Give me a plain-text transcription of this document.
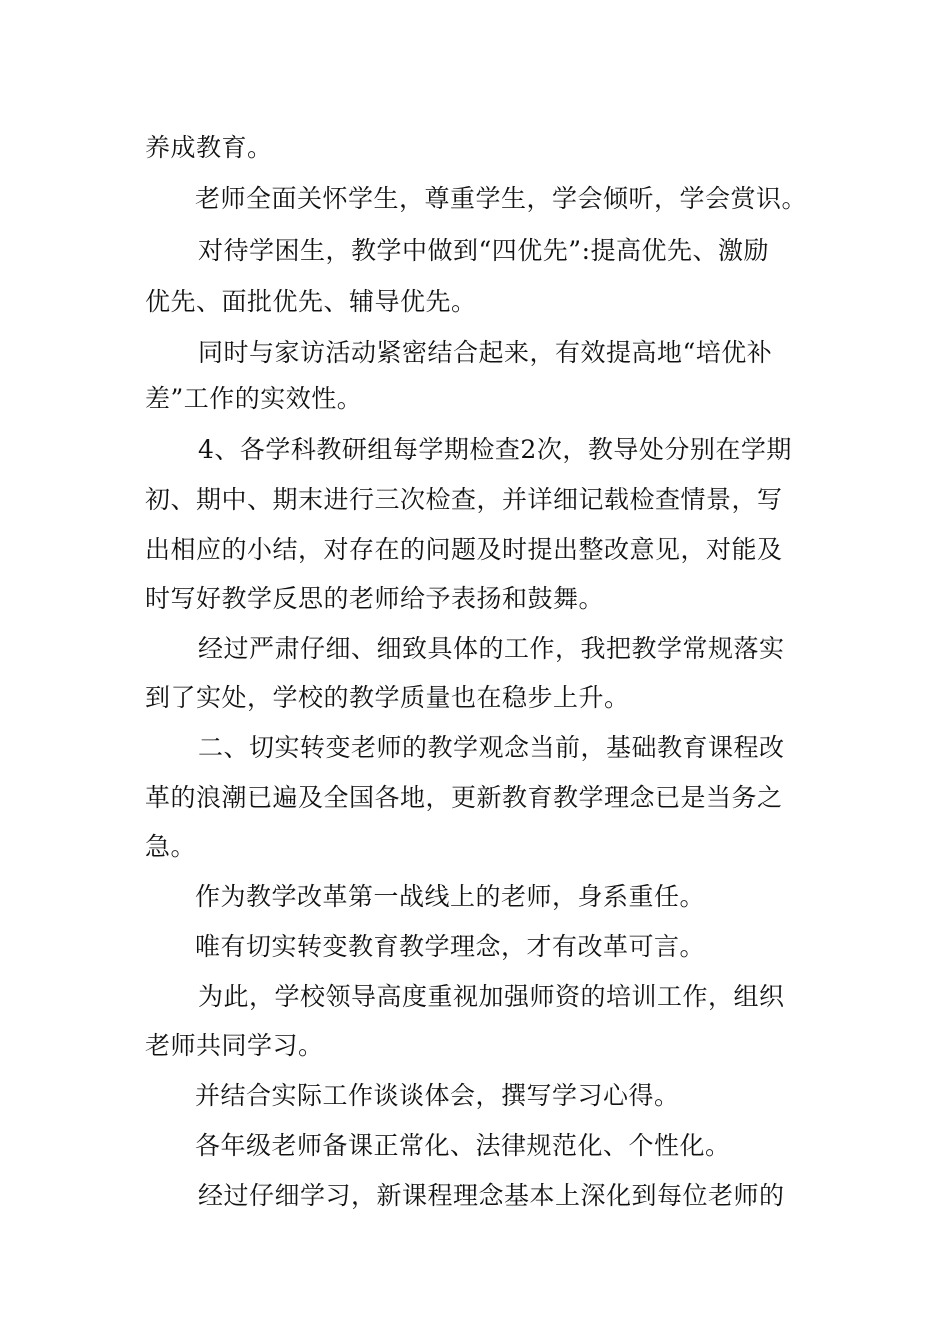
养成教育。
老师全面关怀学生，尊重学生，学会倾听，学会赏识。
对待学困生，教学中做到“四优先”:提高优先、激励
优先、面批优先、辅导优先。
同时与家访活动紧密结合起来，有效提高地“培优补
差”工作的实效性。
4、各学科教研组每学期检查2次，教导处分别在学期
初、期中、期末进行三次检查，并详细记载检查情景，写
出相应的小结，对存在的问题及时提出整改意见，对能及
时写好教学反思的老师给予表扬和鼓舞。
经过严肃仔细、细致具体的工作，我把教学常规落实
到了实处，学校的教学质量也在稳步上升。
二、切实转变老师的教学观念当前，基础教育课程改
革的浪潮已遍及全国各地，更新教育教学理念已是当务之
急。
作为教学改革第一战线上的老师，身系重任。
唯有切实转变教育教学理念，才有改革可言。
为此，学校领导高度重视加强师资的培训工作，组织
老师共同学习。
并结合实际工作谈谈体会，撰写学习心得。
各年级老师备课正常化、法律规范化、个性化。
经过仔细学习，新课程理念基本上深化到每位老师的
